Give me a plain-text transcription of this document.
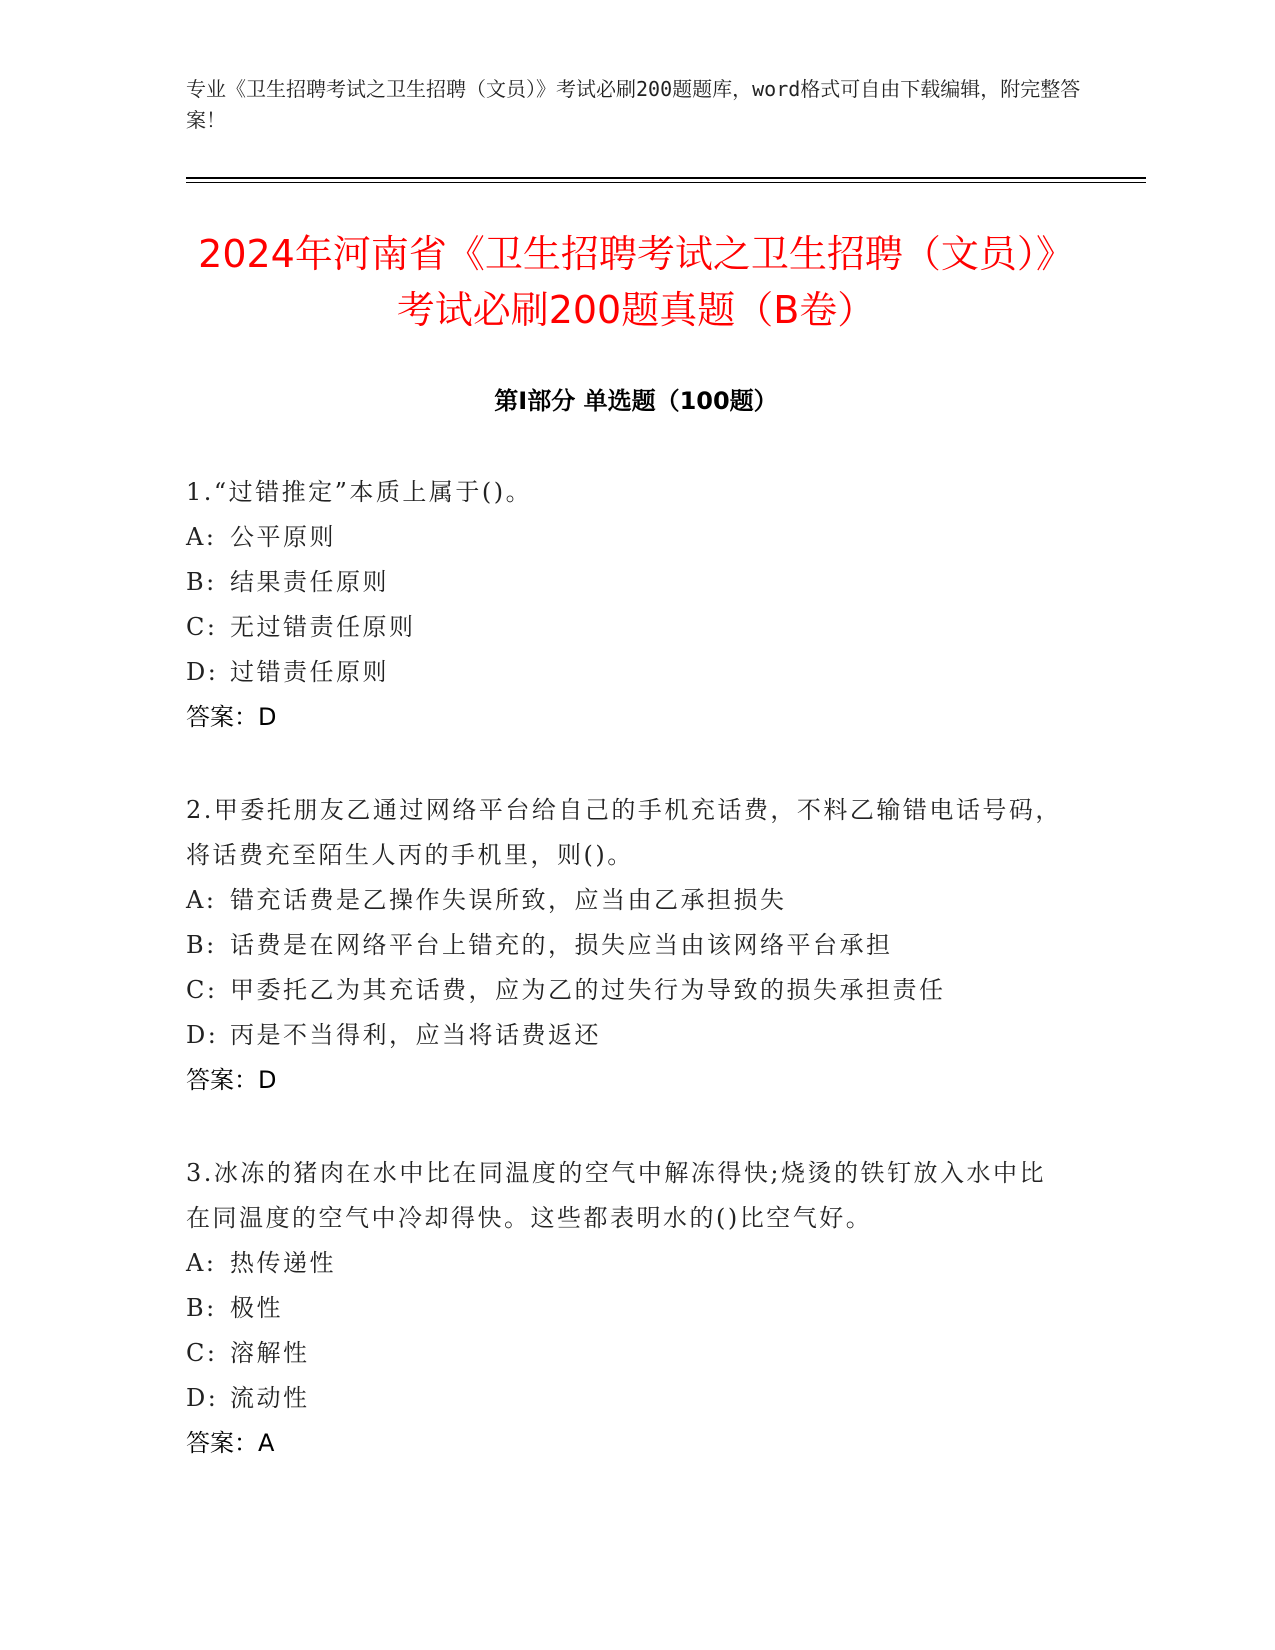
专业《卫生招聘考试之卫生招聘（文员）》考试必刷200题题库，word格式可自由下载编辑，附完整答案！
2024年河南省《卫生招聘考试之卫生招聘（文员）》考试必刷200题真题（B卷）
第Ⅰ部分 单选题（100题）

1.“过错推定”本质上属于()。

A: 公平原则

B: 结果责任原则

C: 无过错责任原则

D: 过错责任原则

答案：D

2.甲委托朋友乙通过网络平台给自己的手机充话费，不料乙输错电话号码，将话费充至陌生人丙的手机里，则()。

A: 错充话费是乙操作失误所致，应当由乙承担损失

B: 话费是在网络平台上错充的，损失应当由该网络平台承担

C: 甲委托乙为其充话费，应为乙的过失行为导致的损失承担责任

D: 丙是不当得利，应当将话费返还

答案：D

3.冰冻的猪肉在水中比在同温度的空气中解冻得快;烧烫的铁钉放入水中比在同温度的空气中冷却得快。这些都表明水的()比空气好。

A: 热传递性

B: 极性

C: 溶解性

D: 流动性

答案：A
